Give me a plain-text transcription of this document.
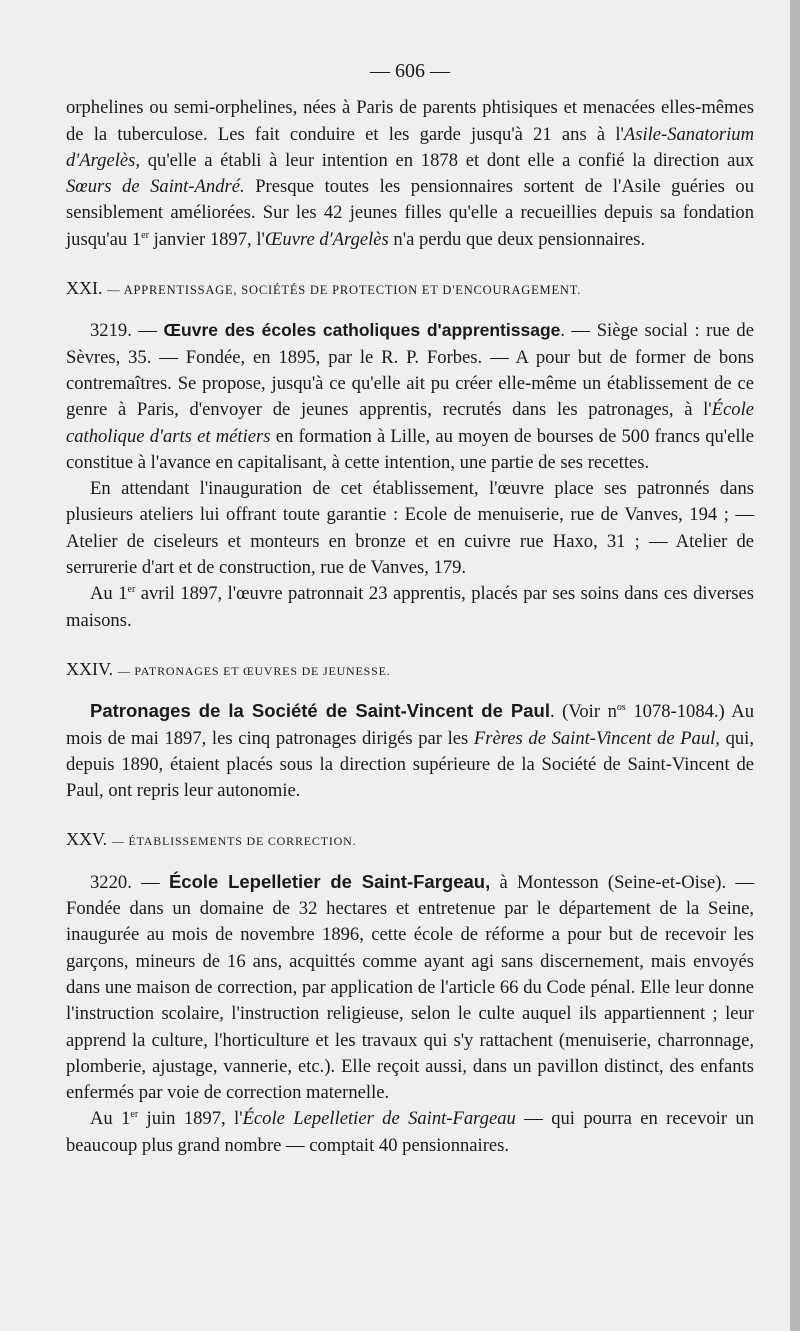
— 606 —

orphelines ou semi-orphelines, nées à Paris de parents phtisiques et menacées elles-mêmes de la tuberculose. Les fait conduire et les garde jusqu'à 21 ans à l'Asile-Sanatorium d'Argelès, qu'elle a établi à leur intention en 1878 et dont elle a confié la direction aux Sœurs de Saint-André. Presque toutes les pensionnaires sortent de l'Asile guéries ou sensiblement améliorées. Sur les 42 jeunes filles qu'elle a recueillies depuis sa fondation jusqu'au 1er janvier 1897, l'Œuvre d'Argelès n'a perdu que deux pensionnaires.

XXI. — APPRENTISSAGE, SOCIÉTÉS DE PROTECTION ET D'ENCOURAGEMENT.

3219. — Œuvre des écoles catholiques d'apprentissage. — Siège social : rue de Sèvres, 35. — Fondée, en 1895, par le R. P. Forbes. — A pour but de former de bons contremaîtres. Se propose, jusqu'à ce qu'elle ait pu créer elle-même un établissement de ce genre à Paris, d'envoyer de jeunes apprentis, recrutés dans les patronages, à l'École catholique d'arts et métiers en formation à Lille, au moyen de bourses de 500 francs qu'elle constitue à l'avance en capitalisant, à cette intention, une partie de ses recettes.

En attendant l'inauguration de cet établissement, l'œuvre place ses patronnés dans plusieurs ateliers lui offrant toute garantie : Ecole de menuiserie, rue de Vanves, 194 ; — Atelier de ciseleurs et monteurs en bronze et en cuivre rue Haxo, 31 ; — Atelier de serrurerie d'art et de construction, rue de Vanves, 179.

Au 1er avril 1897, l'œuvre patronnait 23 apprentis, placés par ses soins dans ces diverses maisons.

XXIV. — PATRONAGES ET ŒUVRES DE JEUNESSE.

Patronages de la Société de Saint-Vincent de Paul. (Voir $n^{os}$ 1078-1084.) Au mois de mai 1897, les cinq patronages dirigés par les Frères de Saint-Vincent de Paul, qui, depuis 1890, étaient placés sous la direction supérieure de la Société de Saint-Vincent de Paul, ont repris leur autonomie.

XXV. — ÉTABLISSEMENTS DE CORRECTION.

3220. — École Lepelletier de Saint-Fargeau, à Montesson (Seine-et-Oise). — Fondée dans un domaine de 32 hectares et entretenue par le département de la Seine, inaugurée au mois de novembre 1896, cette école de réforme a pour but de recevoir les garçons, mineurs de 16 ans, acquittés comme ayant agi sans discernement, mais envoyés dans une maison de correction, par application de l'article 66 du Code pénal. Elle leur donne l'instruction scolaire, l'instruction religieuse, selon le culte auquel ils appartiennent ; leur apprend la culture, l'horticulture et les travaux qui s'y rattachent (menuiserie, charronnage, plomberie, ajustage, vannerie, etc.). Elle reçoit aussi, dans un pavillon distinct, des enfants enfermés par voie de correction maternelle.

Au 1er juin 1897, l'École Lepelletier de Saint-Fargeau — qui pourra en recevoir un beaucoup plus grand nombre — comptait 40 pensionnaires.
